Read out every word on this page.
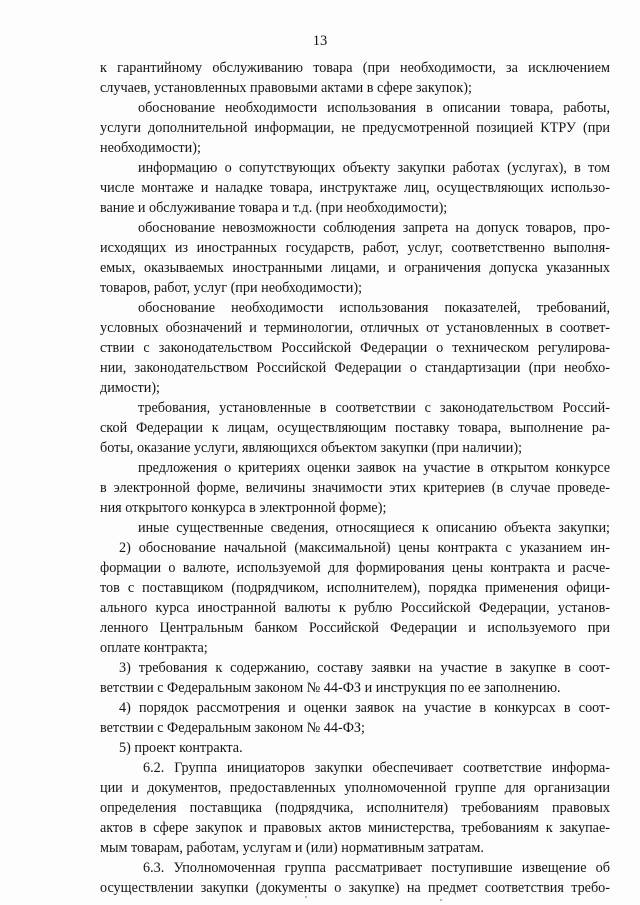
13
к гарантийному обслуживанию товара (при необходимости, за исключением
случаев, установленных правовыми актами в сфере закупок);
обоснование необходимости использования в описании товара, работы,
услуги дополнительной информации, не предусмотренной позицией КТРУ (при
необходимости);
информацию о сопутствующих объекту закупки работах (услугах), в том
числе монтаже и наладке товара, инструктаже лиц, осуществляющих использо-
вание и обслуживание товара и т.д. (при необходимости);
обоснование невозможности соблюдения запрета на допуск товаров, про-
исходящих из иностранных государств, работ, услуг, соответственно выполня-
емых, оказываемых иностранными лицами, и ограничения допуска указанных
товаров, работ, услуг (при необходимости);
обоснование необходимости использования показателей, требований,
условных обозначений и терминологии, отличных от установленных в соответ-
ствии с законодательством Российской Федерации о техническом регулирова-
нии, законодательством Российской Федерации о стандартизации (при необхо-
димости);
требования, установленные в соответствии с законодательством Россий-
ской Федерации к лицам, осуществляющим поставку товара, выполнение ра-
боты, оказание услуги, являющихся объектом закупки (при наличии);
предложения о критериях оценки заявок на участие в открытом конкурсе
в электронной форме, величины значимости этих критериев (в случае проведе-
ния открытого конкурса в электронной форме);
иные существенные сведения, относящиеся к описанию объекта закупки;
2) обоснование начальной (максимальной) цены контракта с указанием ин-
формации о валюте, используемой для формирования цены контракта и расче-
тов с поставщиком (подрядчиком, исполнителем), порядка применения офици-
ального курса иностранной валюты к рублю Российской Федерации, установ-
ленного Центральным банком Российской Федерации и используемого при
оплате контракта;
3) требования к содержанию, составу заявки на участие в закупке в соот-
ветствии с Федеральным законом № 44-ФЗ и инструкция по ее заполнению.
4) порядок рассмотрения и оценки заявок на участие в конкурсах в соот-
ветствии с Федеральным законом № 44-ФЗ;
5) проект контракта.
6.2. Группа инициаторов закупки обеспечивает соответствие информа-
ции и документов, предоставленных уполномоченной группе для организации
определения поставщика (подрядчика, исполнителя) требованиям правовых
актов в сфере закупок и правовых актов министерства, требованиям к закупае-
мым товарам, работам, услугам и (или) нормативным затратам.
6.3. Уполномоченная группа рассматривает поступившие извещение об
осуществлении закупки (документы о закупке) на предмет соответствия требо-
